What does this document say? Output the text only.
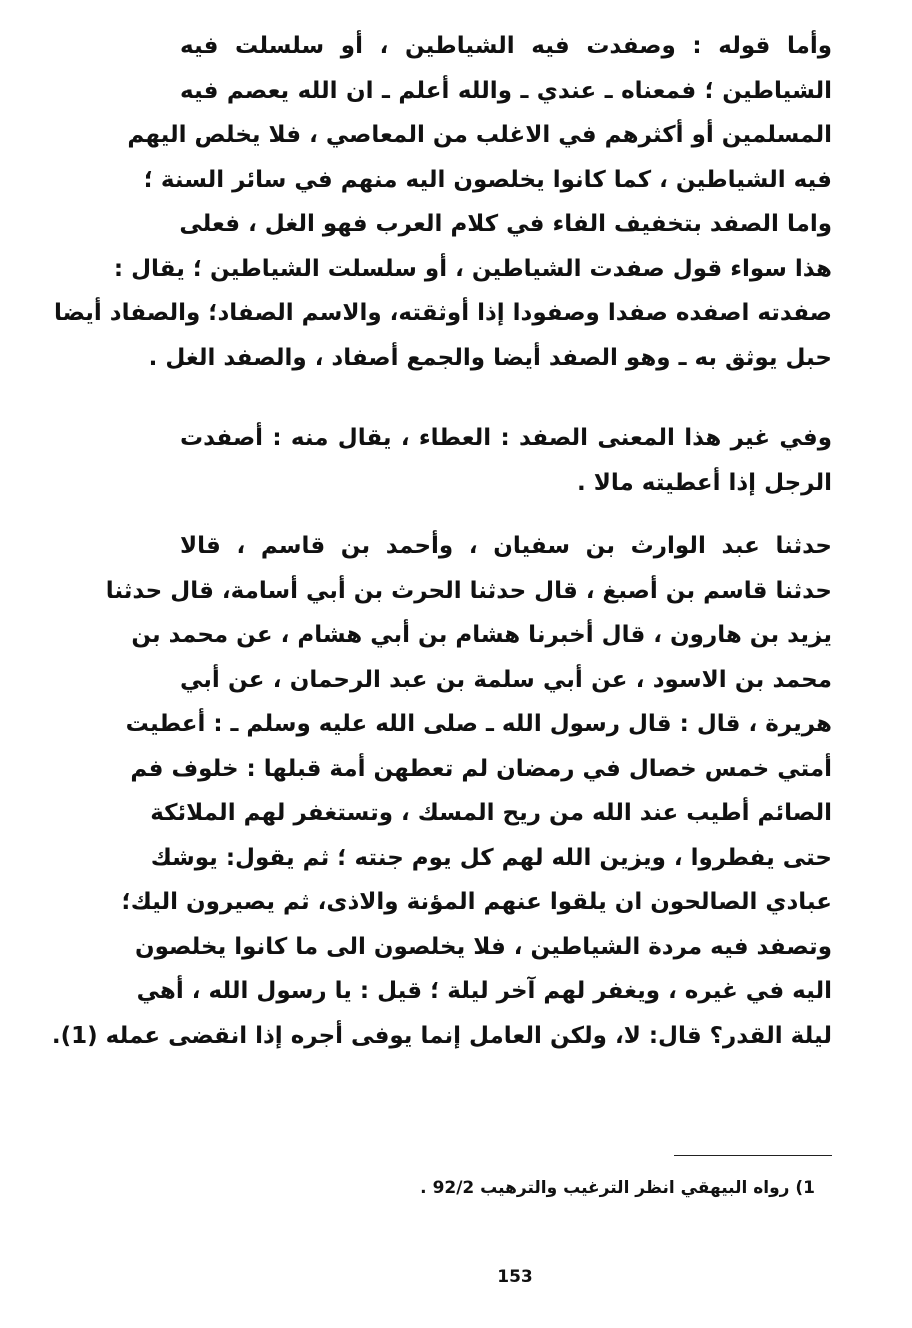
وأما قوله : وصفدت فيه الشياطين ، أو سلسلت فيه
الشياطين ؛ فمعناه ـ عندي ـ والله أعلم ـ ان الله يعصم فيه
المسلمين أو أكثرهم في الاغلب من المعاصي ، فلا يخلص اليهم
فيه الشياطين ، كما كانوا يخلصون اليه منهم في سائر السنة ؛
واما الصفد بتخفيف الفاء في كلام العرب فهو الغل ، فعلى
هذا سواء قول صفدت الشياطين ، أو سلسلت الشياطين ؛ يقال :
صفدته اصفده صفدا وصفودا إذا أوثقته، والاسم الصفاد؛ والصفاد أيضا
حبل يوثق به ـ وهو الصفد أيضا والجمع أصفاد ، والصفد الغل .
وفي غير هذا المعنى الصفد : العطاء ، يقال منه : أصفدت
الرجل إذا أعطيته مالا .
حدثنا عبد الوارث بن سفيان ، وأحمد بن قاسم ، قالا
حدثنا قاسم بن أصبغ ، قال حدثنا الحرث بن أبي أسامة، قال حدثنا
يزيد بن هارون ، قال أخبرنا هشام بن أبي هشام ، عن محمد بن
محمد بن الاسود ، عن أبي سلمة بن عبد الرحمان ، عن أبي
هريرة ، قال : قال رسول الله ـ صلى الله عليه وسلم ـ : أعطيت
أمتي خمس خصال في رمضان لم تعطهن أمة قبلها : خلوف فم
الصائم أطيب عند الله من ريح المسك ، وتستغفر لهم الملائكة
حتى يفطروا ، ويزين الله لهم كل يوم جنته ؛ ثم يقول: يوشك
عبادي الصالحون ان يلقوا عنهم المؤنة والاذى، ثم يصيرون اليك؛
وتصفد فيه مردة الشياطين ، فلا يخلصون الى ما كانوا يخلصون
اليه في غيره ، ويغفر لهم آخر ليلة ؛ قيل : يا رسول الله ، أهي
ليلة القدر؟ قال: لا، ولكن العامل إنما يوفى أجره إذا انقضى عمله (1).
1) رواه البيهقي انظر الترغيب والترهيب 92/2 .
153
